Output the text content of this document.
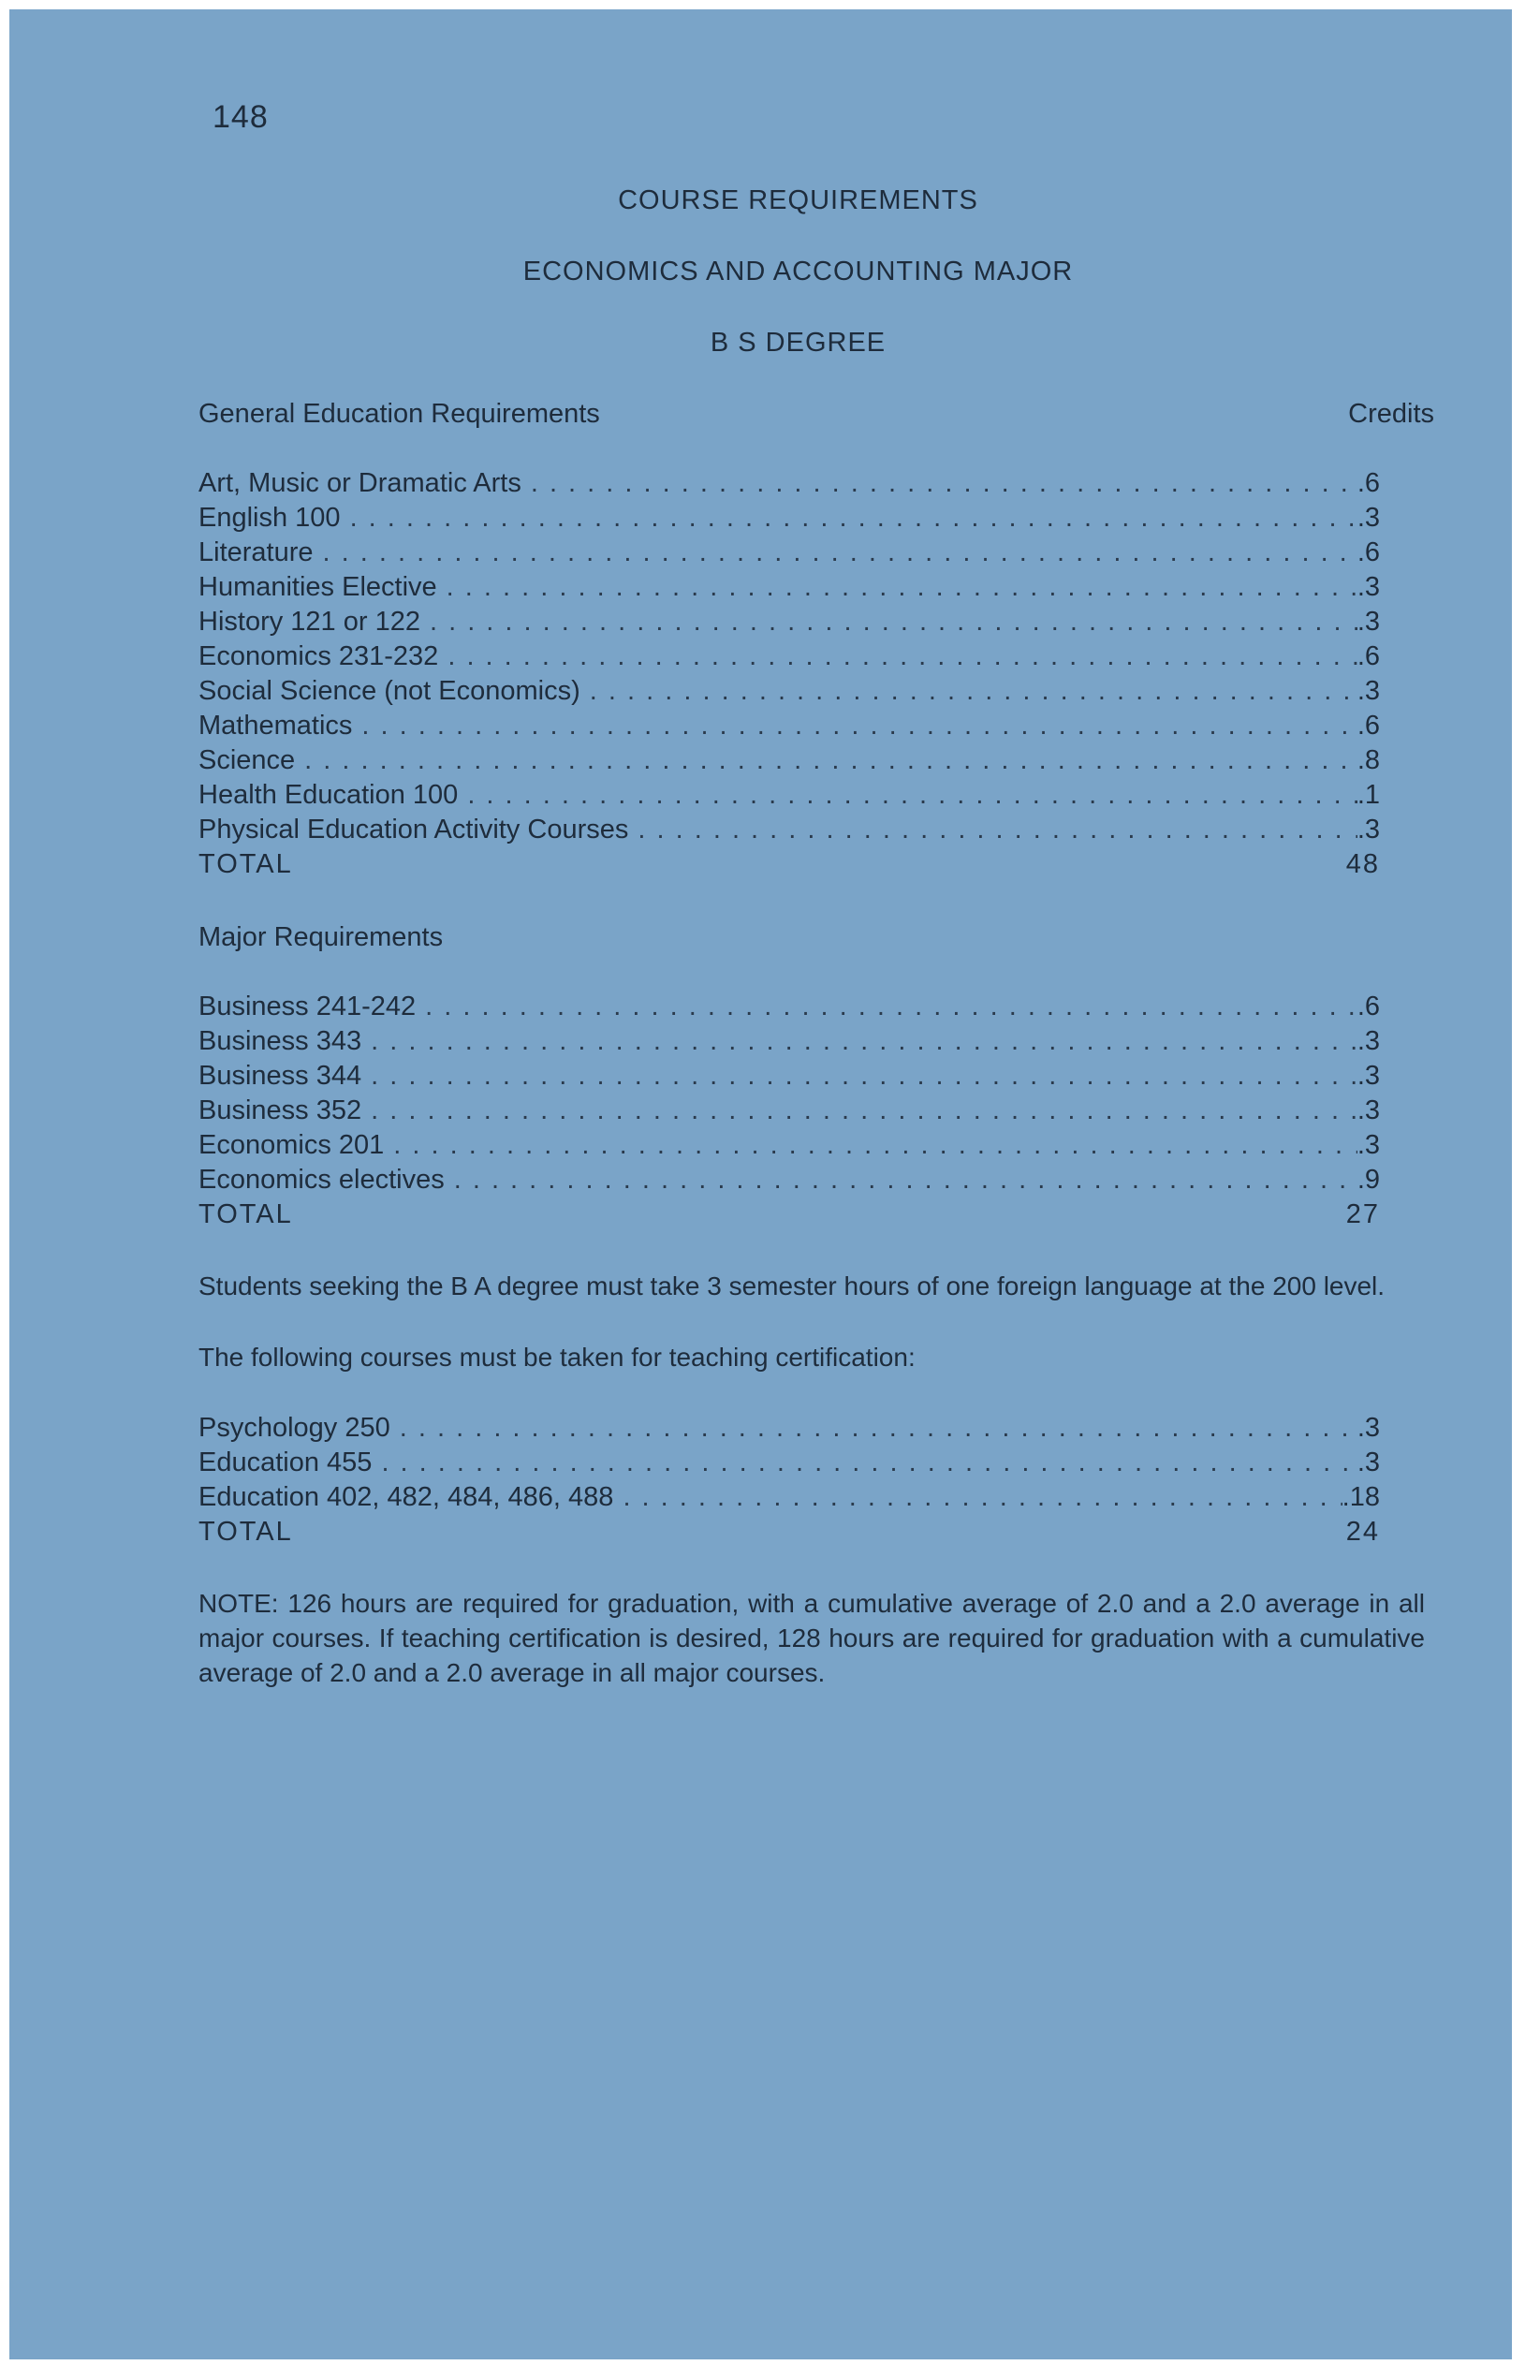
148
COURSE REQUIREMENTS
ECONOMICS AND ACCOUNTING MAJOR
B S DEGREE
General Education Requirements	Credits
Art, Music or Dramatic Arts . . .	.6
English 100 . . .	.3
Literature . . .	.6
Humanities Elective . . .	.3
History 121 or 122 . . .	.3
Economics 231-232 . . .	.6
Social Science (not Economics) . . .	.3
Mathematics . . .	.6
Science . . .	.8
Health Education 100 . . .	.1
Physical Education Activity Courses . . .	.3
TOTAL	48
Major Requirements
Business 241-242 . . .	.6
Business 343 . . .	.3
Business 344 . . .	.3
Business 352 . . .	.3
Economics 201 . . .	.3
Economics electives . . .	.9
TOTAL	27
Students seeking the B A degree must take 3 semester hours of one foreign language at the 200 level.
The following courses must be taken for teaching certification:
Psychology 250 . . .	.3
Education 455 . . .	.3
Education 402, 482, 484, 486, 488 . . .	.18
TOTAL	24
NOTE: 126 hours are required for graduation, with a cumulative average of 2.0 and a 2.0 average in all major courses. If teaching certification is desired, 128 hours are required for graduation with a cumulative average of 2.0 and a 2.0 average in all major courses.
